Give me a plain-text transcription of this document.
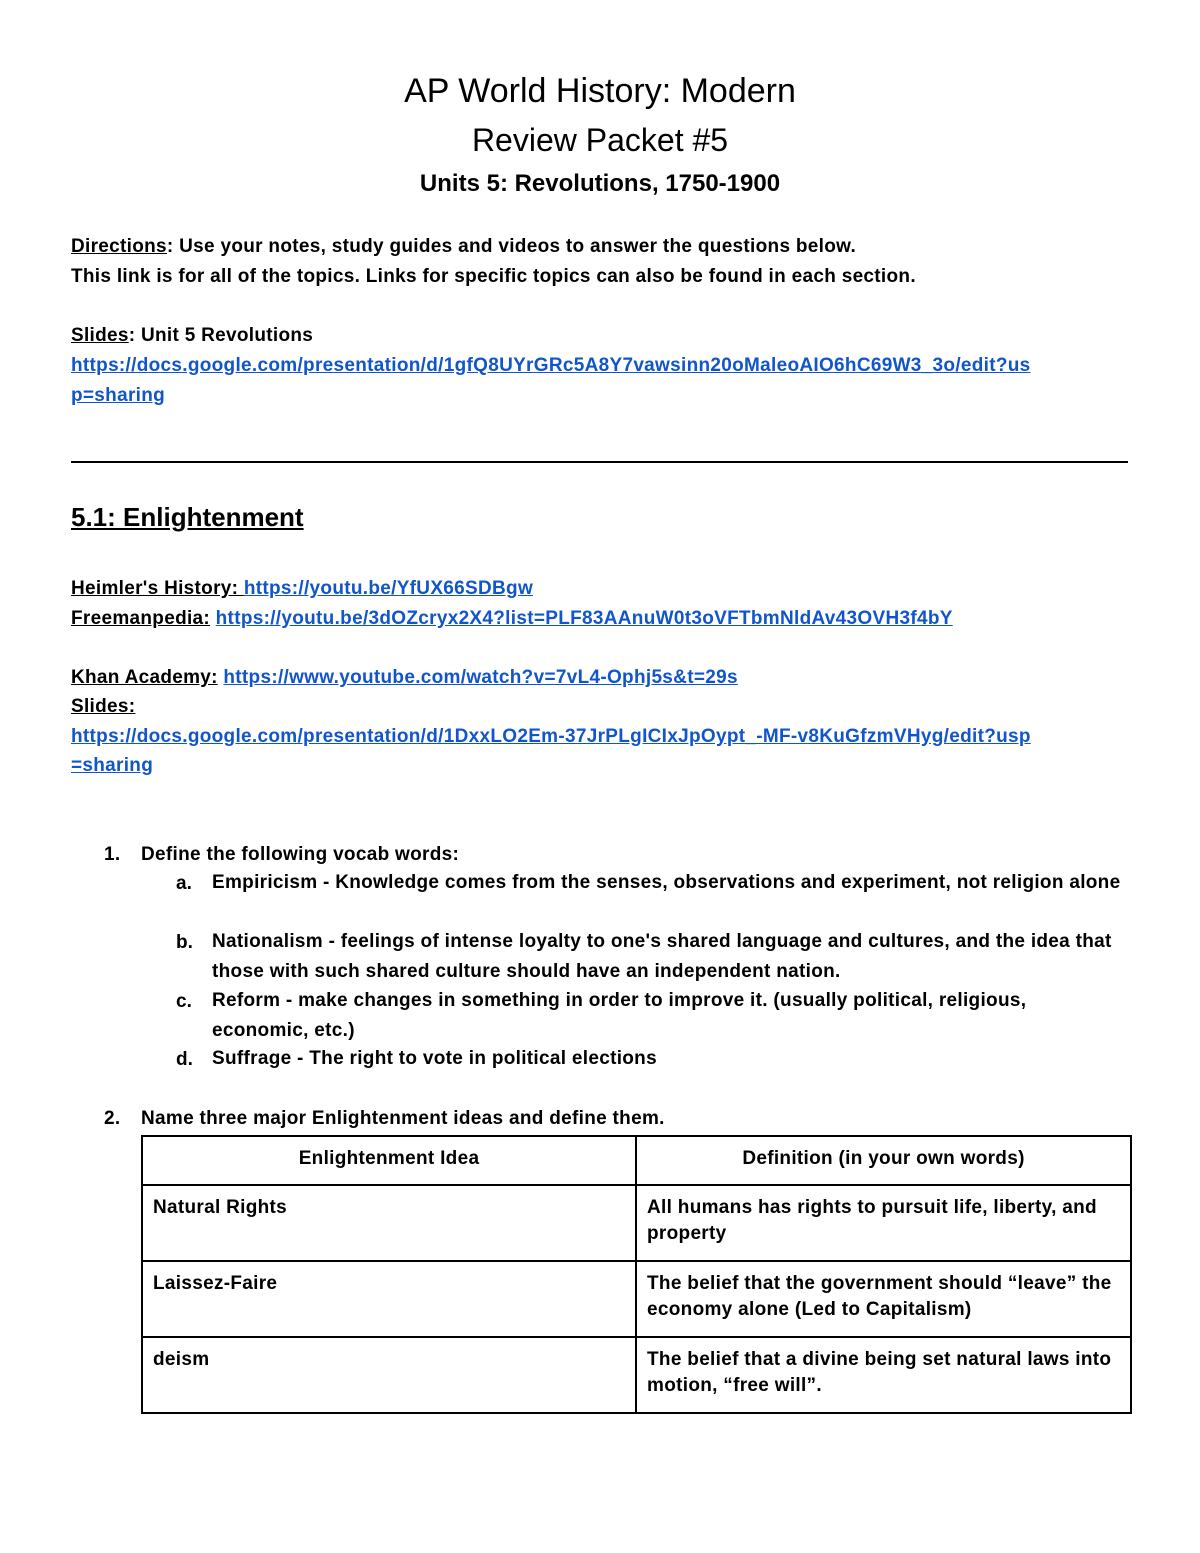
AP World History: Modern
Review Packet #5
Units 5: Revolutions, 1750-1900
Directions: Use your notes, study guides and videos to answer the questions below.
This link is for all of the topics. Links for specific topics can also be found in each section.
Slides: Unit 5 Revolutions
https://docs.google.com/presentation/d/1gfQ8UYrGRc5A8Y7vawsinn20oMaleoAIO6hC69W3_3o/edit?us
p=sharing
5.1: Enlightenment
Heimler's History: https://youtu.be/YfUX66SDBgw
Freemanpedia: https://youtu.be/3dOZcryx2X4?list=PLF83AAnuW0t3oVFTbmNldAv43OVH3f4bY
Khan Academy: https://www.youtube.com/watch?v=7vL4-Ophj5s&t=29s
Slides:
https://docs.google.com/presentation/d/1DxxLO2Em-37JrPLgICIxJpOypt_-MF-v8KuGfzmVHyg/edit?usp
=sharing
1. Define the following vocab words:
a. Empiricism - Knowledge comes from the senses, observations and experiment, not religion alone
b. Nationalism - feelings of intense loyalty to one's shared language and cultures, and the idea that those with such shared culture should have an independent nation.
c. Reform - make changes in something in order to improve it. (usually political, religious, economic, etc.)
d. Suffrage - The right to vote in political elections
2. Name three major Enlightenment ideas and define them.
Enlightenment Idea	Definition (in your own words)
Natural Rights	All humans has rights to pursuit life, liberty, and property
Laissez-Faire	The belief that the government should “leave” the economy alone (Led to Capitalism)
deism	The belief that a divine being set natural laws into motion, “free will”.
